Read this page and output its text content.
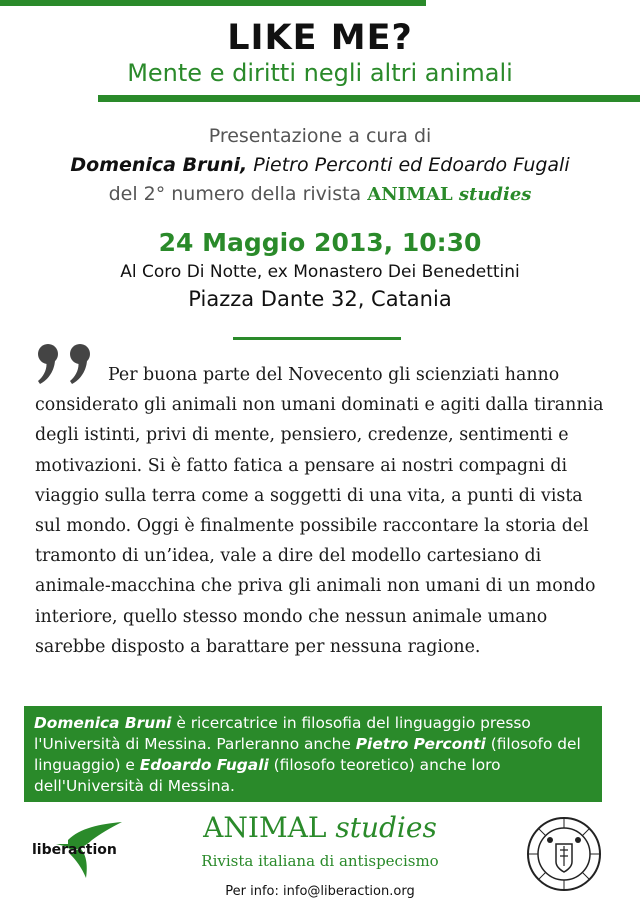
LIKE ME?
Mente e diritti negli altri animali
Presentazione a cura di
Domenica Bruni, Pietro Perconti ed Edoardo Fugali
del 2° numero della rivista ANIMAL studies
24 Maggio 2013, 10:30
Al Coro Di Notte, ex Monastero Dei Benedettini
Piazza Dante 32, Catania
Per buona parte del Novecento gli scienziati hanno considerato gli animali non umani dominati e agiti dalla tirannia degli istinti, privi di mente, pensiero, credenze, sentimenti e motivazioni. Si è fatto fatica a pensare ai nostri compagni di viaggio sulla terra come a soggetti di una vita, a punti di vista sul mondo. Oggi è finalmente possibile raccontare la storia del tramonto di un’idea, vale a dire del modello cartesiano di animale-macchina che priva gli animali non umani di un mondo interiore, quello stesso mondo che nessun animale umano sarebbe disposto a barattare per nessuna ragione.
Domenica Bruni è ricercatrice in filosofia del linguaggio presso l'Università di Messina. Parleranno anche Pietro Perconti (filosofo del linguaggio) e Edoardo Fugali (filosofo teoretico) anche loro dell'Università di Messina.
liberaction
ANIMAL studies
Rivista italiana di antispecismo
Per info: info@liberaction.org
